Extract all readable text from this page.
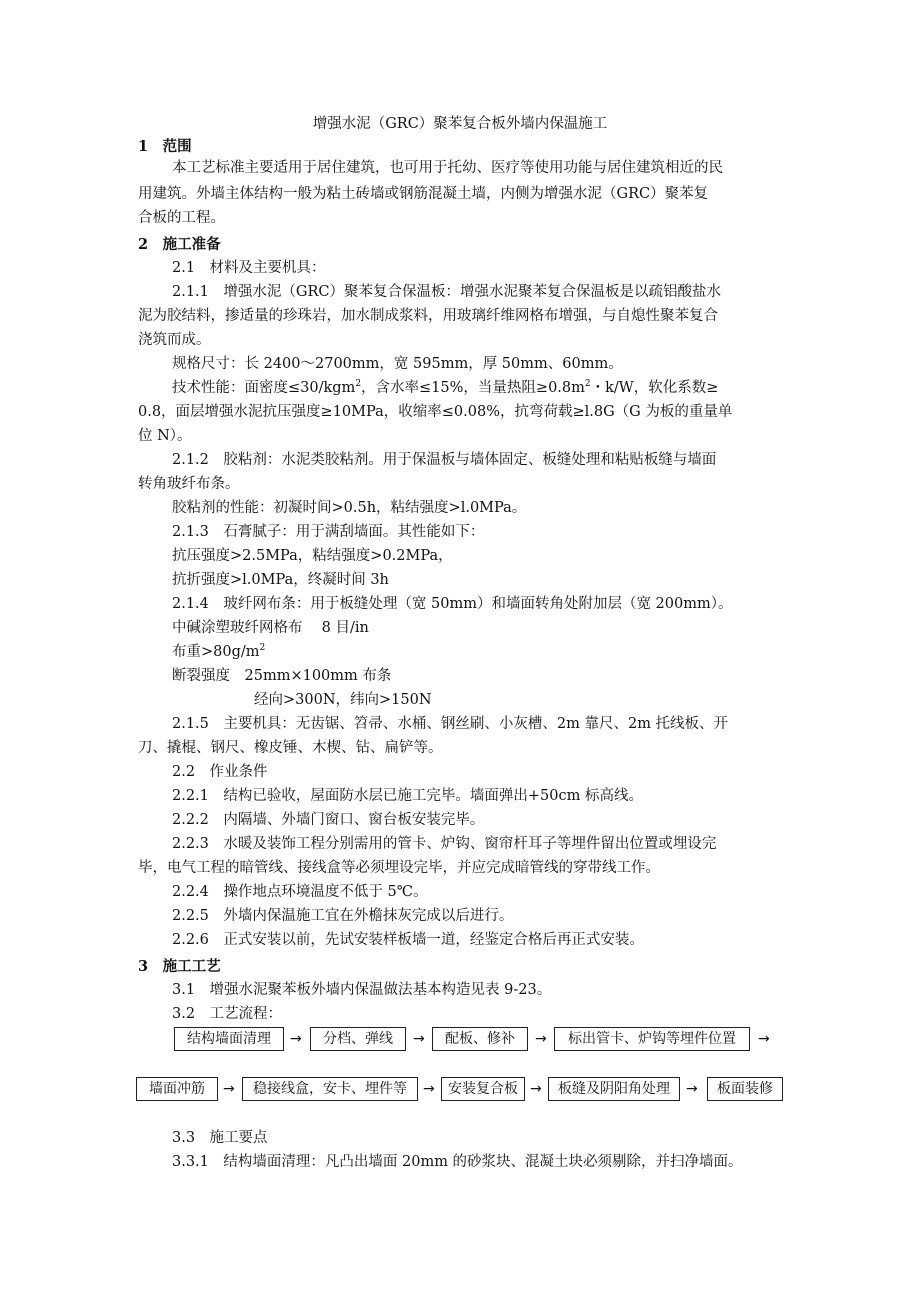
增强水泥（GRC）聚苯复合板外墙内保温施工
1　范围
本工艺标准主要适用于居住建筑，也可用于托幼、医疗等使用功能与居住建筑相近的民
用建筑。外墙主体结构一般为粘土砖墙或钢筋混凝土墙，内侧为增强水泥（GRC）聚苯复
合板的工程。
2　施工准备
2.1　材料及主要机具：
2.1.1　增强水泥（GRC）聚苯复合保温板：增强水泥聚苯复合保温板是以疏铝酸盐水
泥为胶结料，掺适量的珍珠岩，加水制成浆料，用玻璃纤维网格布增强，与自熄性聚苯复合
浇筑而成。
规格尺寸：长 2400～2700mm，宽 595mm，厚 50mm、60mm。
技术性能：面密度≤30/kgm$^2$，含水率≤15%，当量热阻$\ge 0.8m^2$・k/W，软化系数≥
0.8，面层增强水泥抗压强度≥10MPa，收缩率≤0.08%，抗弯荷载≥l.8G（G 为板的重量单
位 N）。
2.1.2　胶粘剂：水泥类胶粘剂。用于保温板与墙体固定、板缝处理和粘贴板缝与墙面
转角玻纤布条。
胶粘剂的性能：初凝时间>0.5h，粘结强度>l.0MPa。
2.1.3　石膏腻子：用于满刮墙面。其性能如下：
抗压强度>2.5MPa，粘结强度>0.2MPa，
抗折强度>l.0MPa，终凝时间 3h
2.1.4　玻纤网布条：用于板缝处理（宽 50mm）和墙面转角处附加层（宽 200mm）。
中碱涂塑玻纤网格布　 8 目/in
布重$>80g/m^2$
断裂强度　25mm×100mm 布条
经向>300N，纬向>150N
2.1.5　主要机具：无齿锯、笤帚、水桶、钢丝刷、小灰槽、2m 靠尺、2m 托线板、开
刀、撬棍、钢尺、橡皮锤、木楔、钻、扁铲等。
2.2　作业条件
2.2.1　结构已验收，屋面防水层已施工完毕。墙面弹出+50cm 标高线。
2.2.2　内隔墙、外墙门窗口、窗台板安装完毕。
2.2.3　水暖及装饰工程分别需用的管卡、炉钩、窗帘杆耳子等埋件留出位置或埋设完
毕，电气工程的暗管线、接线盒等必须埋设完毕，并应完成暗管线的穿带线工作。
2.2.4　操作地点环境温度不低于 5℃。
2.2.5　外墙内保温施工宜在外檐抹灰完成以后进行。
2.2.6　正式安装以前，先试安装样板墙一道，经鉴定合格后再正式安装。
3　施工工艺
3.1　增强水泥聚苯板外墙内保温做法基本构造见表 9-23。
3.2　工艺流程：
结构墙面清理	→	分档、弹线	→	配板、修补	→	标出管卡、炉钩等埋件位置	→
墙面冲筋	→	稳接线盒，安卡、埋件等	→ 安装复合板 →	板缝及阴阳角处理	→	板面装修
3.3　施工要点
3.3.1　结构墙面清理：凡凸出墙面 20mm 的砂浆块、混凝土块必须剔除，并扫净墙面。
